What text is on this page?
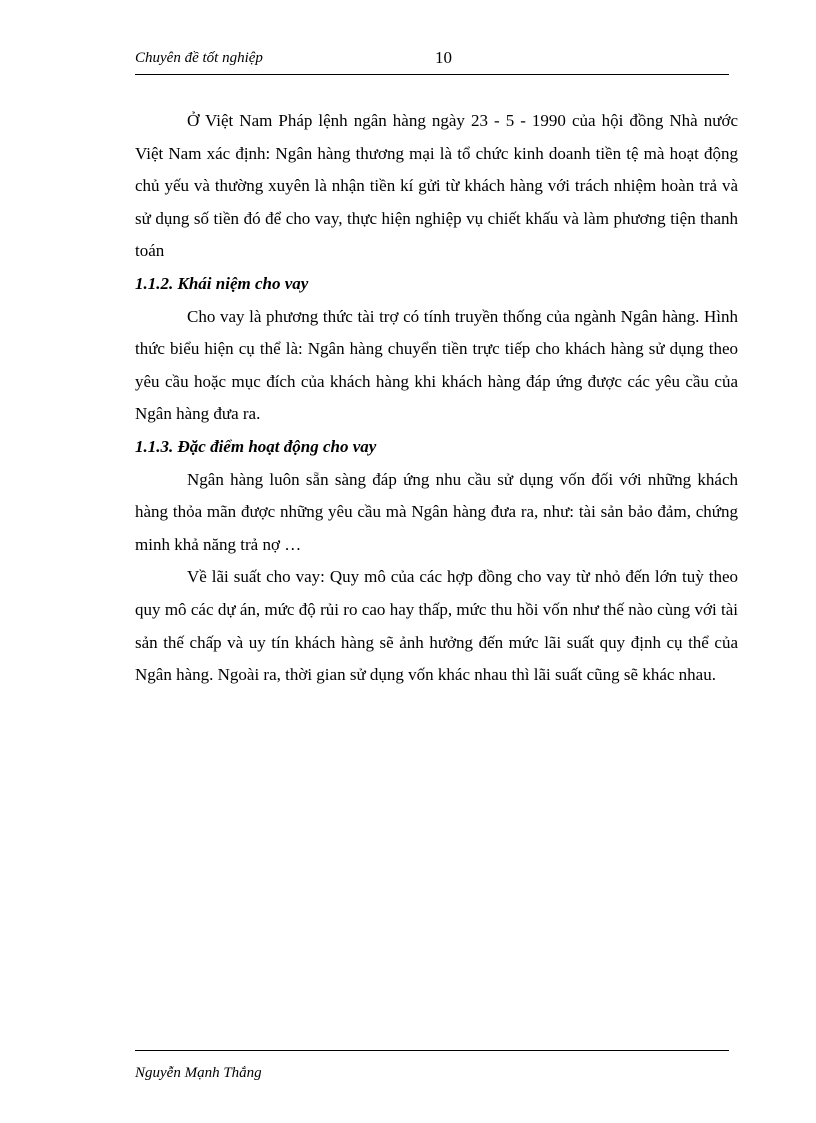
Chuyên đề tốt nghiệp	10

Ở Việt Nam Pháp lệnh ngân hàng ngày 23 - 5 - 1990 của hội đồng Nhà nước Việt Nam xác định: Ngân hàng thương mại là tổ chức kinh doanh tiền tệ mà hoạt động chủ yếu và thường xuyên là nhận tiền kí gửi từ khách hàng với trách nhiệm hoàn trả và sử dụng số tiền đó để cho vay, thực hiện nghiệp vụ chiết khấu và làm phương tiện thanh toán

1.1.2. Khái niệm cho vay

Cho vay là phương thức tài trợ có tính truyền thống của ngành Ngân hàng. Hình thức biểu hiện cụ thể là: Ngân hàng chuyển tiền trực tiếp cho khách hàng sử dụng theo yêu cầu hoặc mục đích của khách hàng khi khách hàng đáp ứng được các yêu cầu của Ngân hàng đưa ra.

1.1.3. Đặc điểm hoạt động cho vay

Ngân hàng luôn sẵn sàng đáp ứng nhu cầu sử dụng vốn đối với những khách hàng thỏa mãn được những yêu cầu mà Ngân hàng đưa ra, như: tài sản bảo đảm, chứng minh khả năng trả nợ …

Về lãi suất cho vay: Quy mô của các hợp đồng cho vay từ nhỏ đến lớn tuỳ theo quy mô các dự án, mức độ rủi ro cao hay thấp, mức thu hồi vốn như thế nào cùng với tài sản thế chấp và uy tín khách hàng sẽ ảnh hưởng đến mức lãi suất quy định cụ thể của Ngân hàng. Ngoài ra, thời gian sử dụng vốn khác nhau thì lãi suất cũng sẽ khác nhau.

Nguyễn Mạnh Thắng
